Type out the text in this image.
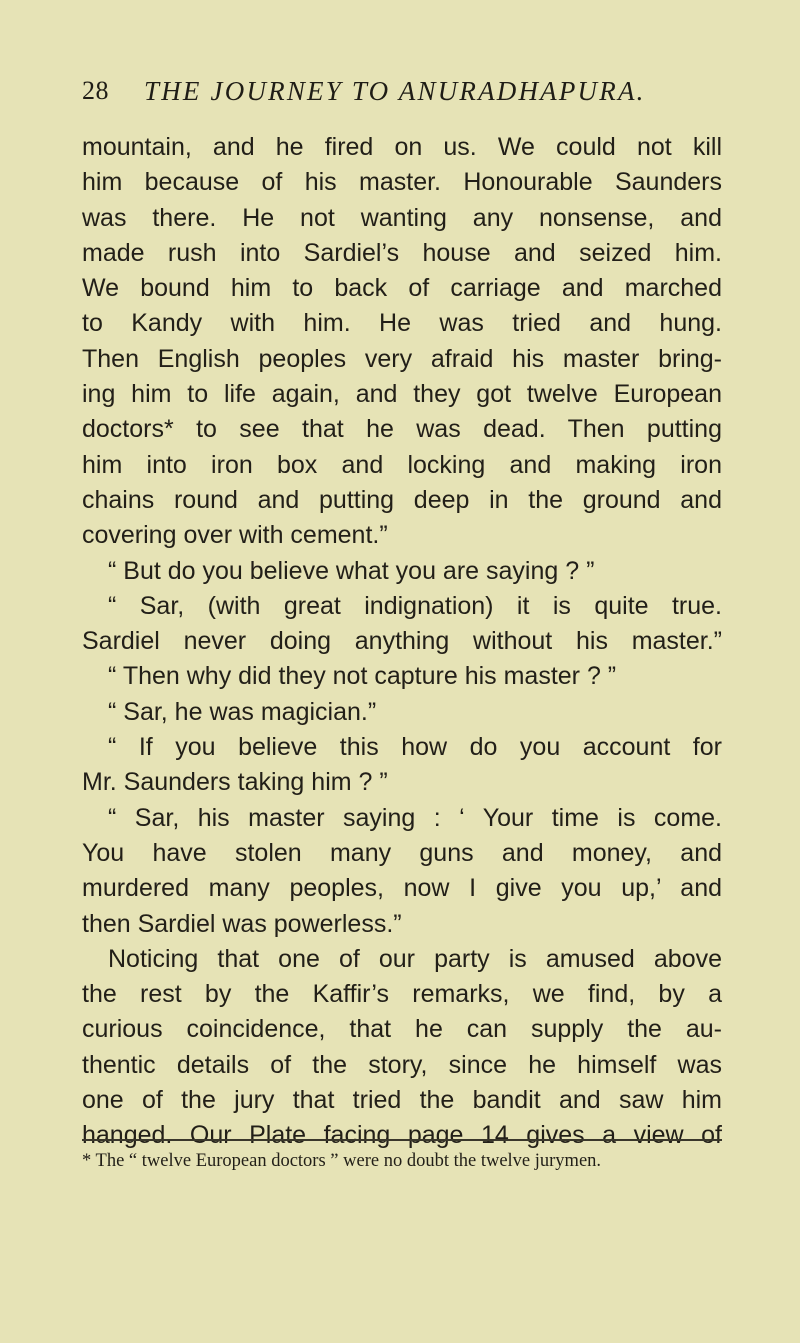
28 THE JOURNEY TO ANURADHAPURA.
mountain, and he fired on us. We could not kill
him because of his master. Honourable Saunders
was there. He not wanting any nonsense, and
made rush into Sardiel’s house and seized him.
We bound him to back of carriage and marched
to Kandy with him. He was tried and hung.
Then English peoples very afraid his master bring-
ing him to life again, and they got twelve European
doctors* to see that he was dead. Then putting
him into iron box and locking and making iron
chains round and putting deep in the ground and
covering over with cement.”
“ But do you believe what you are saying ? ”
“ Sar, (with great indignation) it is quite true.
Sardiel never doing anything without his master.”
“ Then why did they not capture his master ? ”
“ Sar, he was magician.”
“ If you believe this how do you account for
Mr. Saunders taking him ? ”
“ Sar, his master saying : ‘ Your time is come.
You have stolen many guns and money, and
murdered many peoples, now I give you up,’ and
then Sardiel was powerless.”
Noticing that one of our party is amused above
the rest by the Kaffir’s remarks, we find, by a
curious coincidence, that he can supply the au-
thentic details of the story, since he himself was
one of the jury that tried the bandit and saw him
hanged. Our Plate facing page 14 gives a view of
* The “ twelve European doctors ” were no doubt the twelve jurymen.
